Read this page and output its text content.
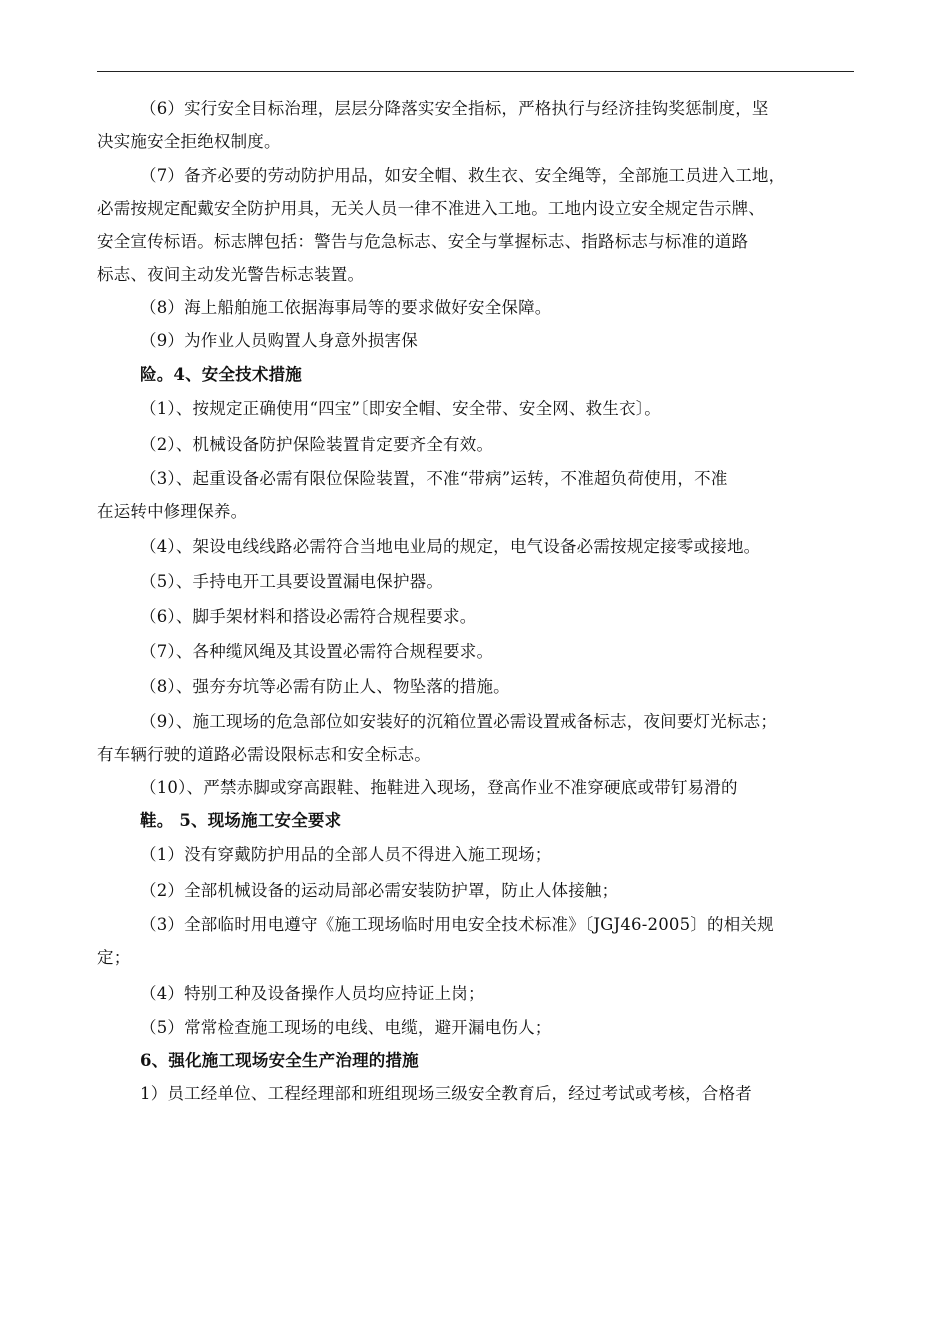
（6）实行安全目标治理，层层分降落实安全指标，严格执行与经济挂钩奖惩制度，坚

决实施安全拒绝权制度。

（7）备齐必要的劳动防护用品，如安全帽、救生衣、安全绳等，全部施工员进入工地，

必需按规定配戴安全防护用具，无关人员一律不准进入工地。工地内设立安全规定告示牌、

安全宣传标语。标志牌包括：警告与危急标志、安全与掌握标志、指路标志与标准的道路

标志、夜间主动发光警告标志装置。

（8）海上船舶施工依据海事局等的要求做好安全保障。

（9）为作业人员购置人身意外损害保

险。4、安全技术措施

（1）、按规定正确使用“四宝”〔即安全帽、安全带、安全网、救生衣〕。

（2）、机械设备防护保险装置肯定要齐全有效。

（3）、起重设备必需有限位保险装置，不准“带病”运转，不准超负荷使用，不准

在运转中修理保养。

（4）、架设电线线路必需符合当地电业局的规定，电气设备必需按规定接零或接地。

（5）、手持电开工具要设置漏电保护器。

（6）、脚手架材料和搭设必需符合规程要求。

（7）、各种缆风绳及其设置必需符合规程要求。

（8）、强夯夯坑等必需有防止人、物坠落的措施。

（9）、施工现场的危急部位如安装好的沉箱位置必需设置戒备标志，夜间要灯光标志；

有车辆行驶的道路必需设限标志和安全标志。

（10）、严禁赤脚或穿高跟鞋、拖鞋进入现场，登高作业不准穿硬底或带钉易滑的

鞋。 5、现场施工安全要求

（1）没有穿戴防护用品的全部人员不得进入施工现场；

（2）全部机械设备的运动局部必需安装防护罩，防止人体接触；

（3）全部临时用电遵守《施工现场临时用电安全技术标准》〔JGJ46-2005〕的相关规

定；

（4）特别工种及设备操作人员均应持证上岗；

（5）常常检查施工现场的电线、电缆，避开漏电伤人；

6、强化施工现场安全生产治理的措施

1）员工经单位、工程经理部和班组现场三级安全教育后，经过考试或考核，合格者
